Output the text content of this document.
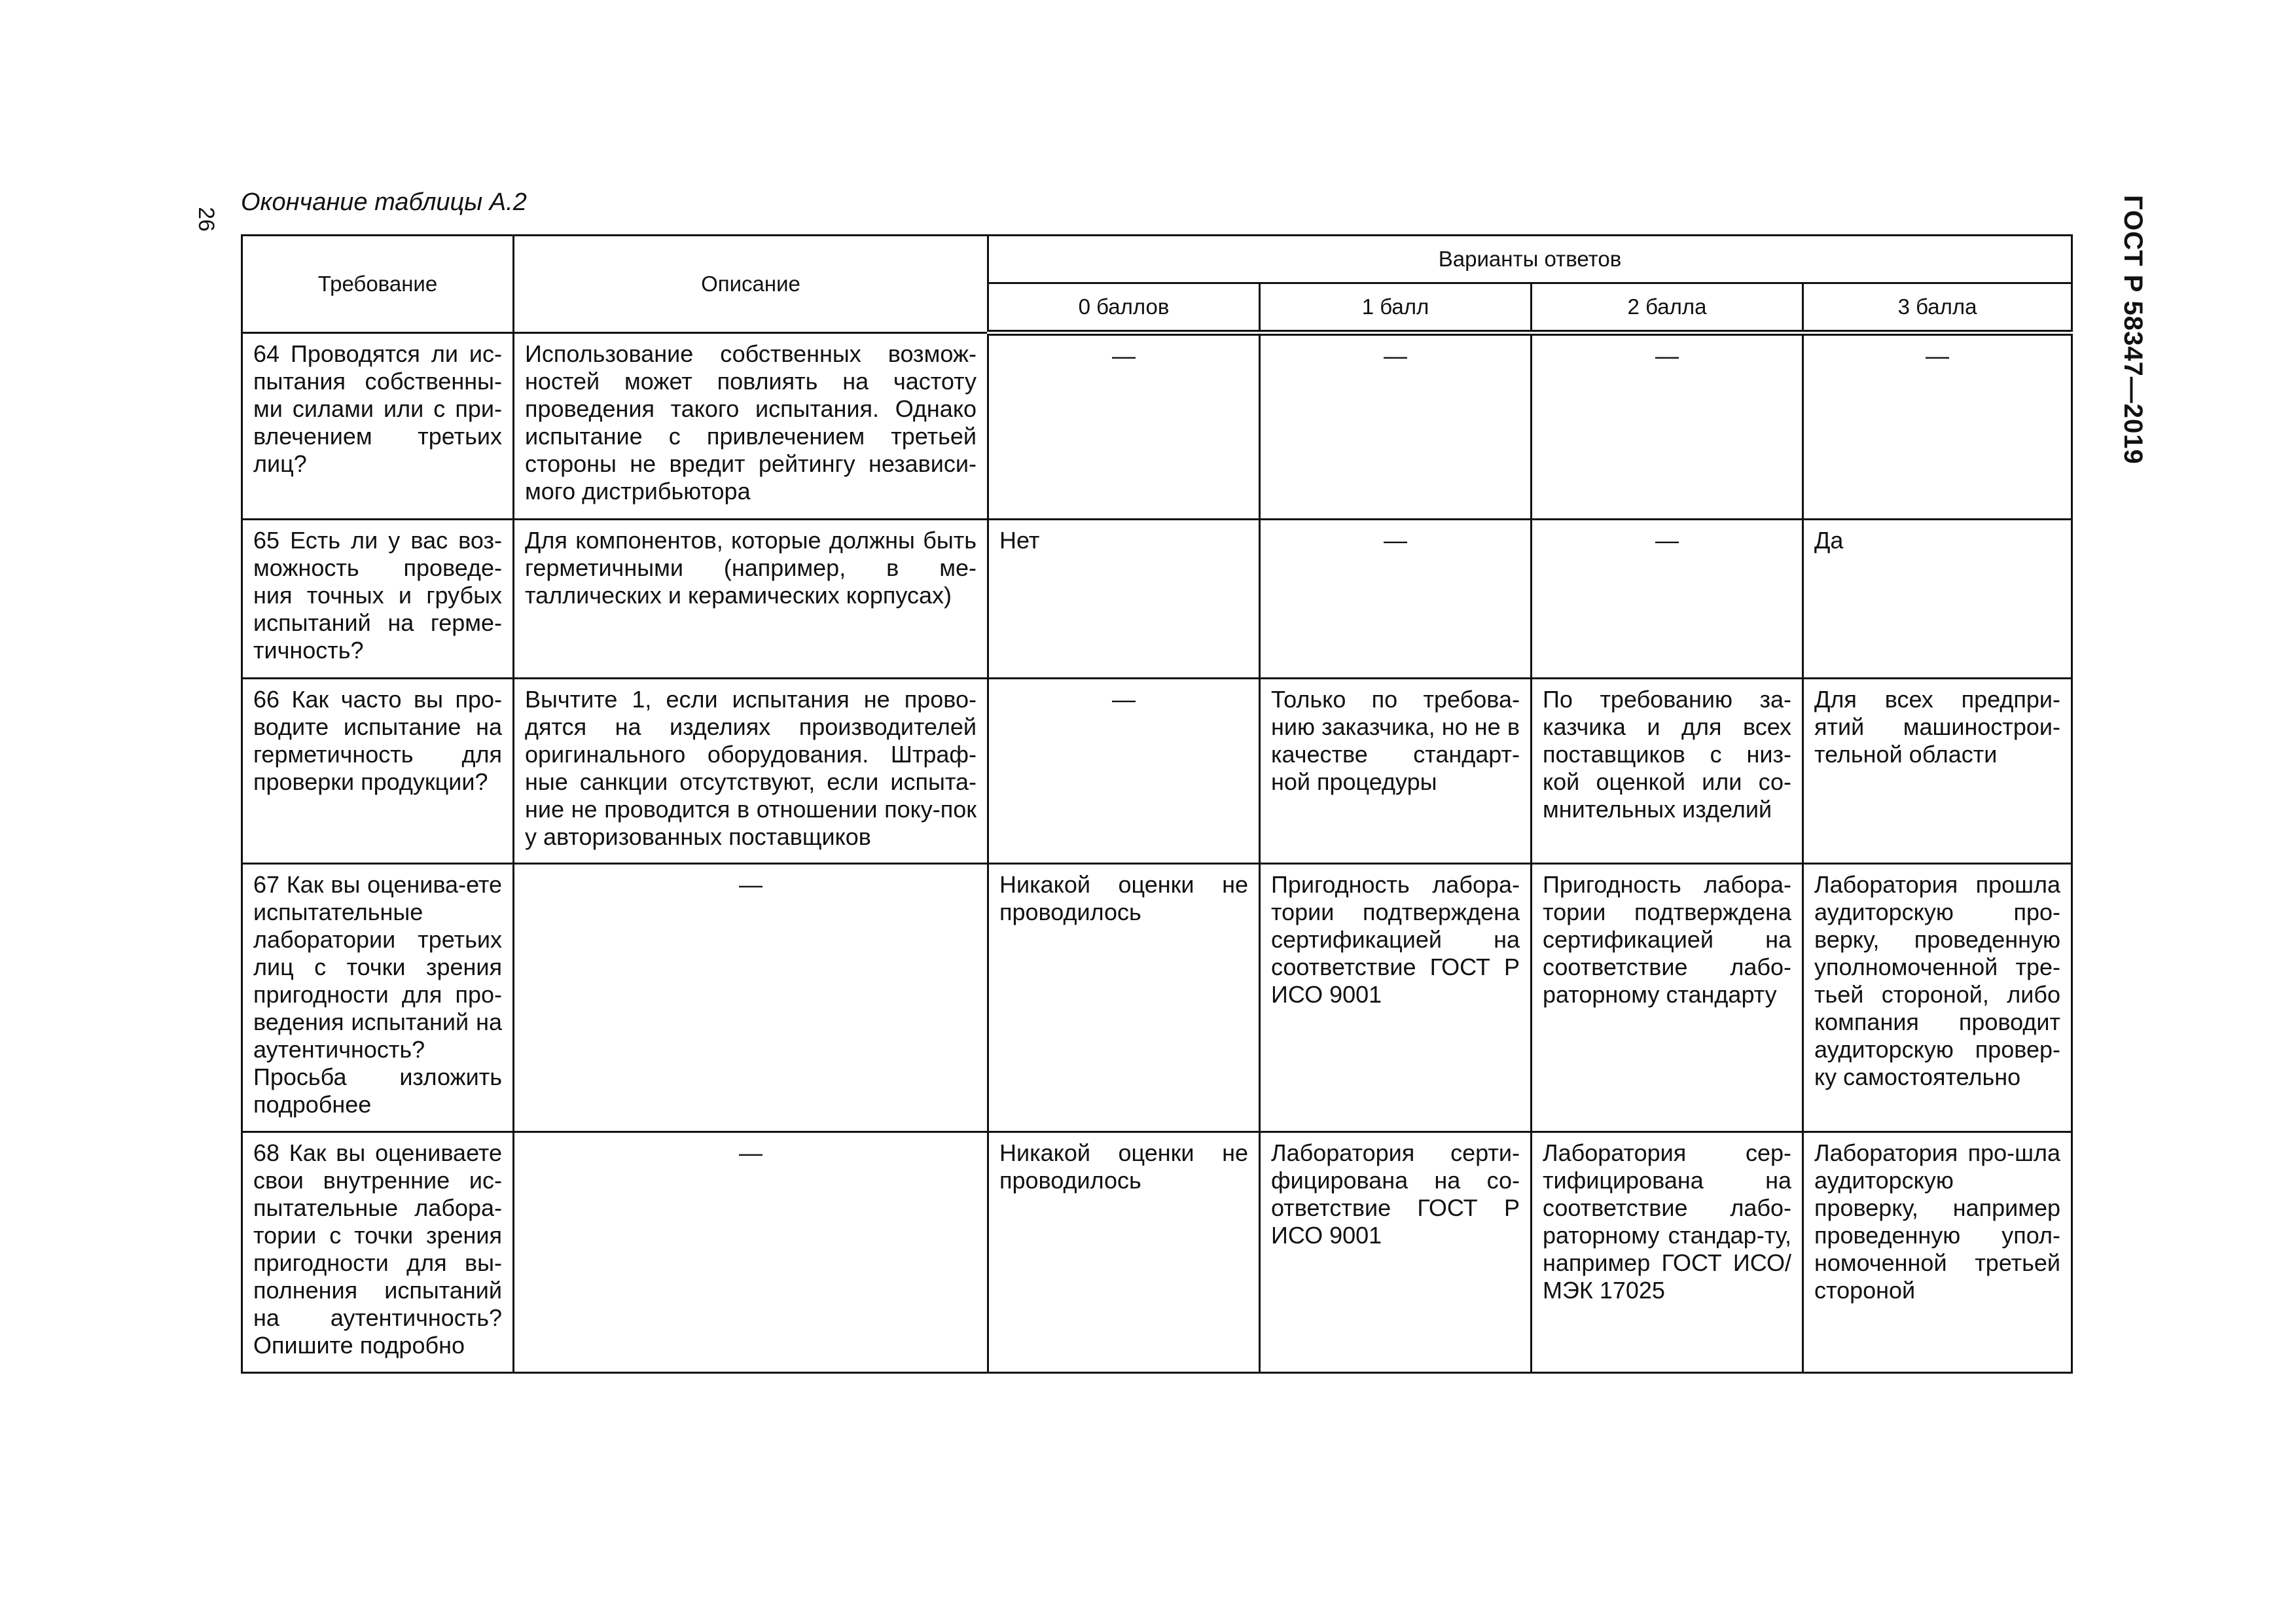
26	ГОСТ Р 58347—2019
Окончание таблицы А.2
Требование	Описание	Варианты ответов			
		0 баллов	1 балл	2 балла	3 балла
64 Проводятся ли ис-пытания собственны-ми силами или с при-влечением третьих лиц?	Использование собственных возмож-ностей может повлиять на частоту проведения такого испытания. Однако испытание с привлечением третьей стороны не вредит рейтингу независи-мого дистрибьютора	—	—	—	—
65 Есть ли у вас воз-можность проведе-ния точных и грубых испытаний на герме-тичность?	Для компонентов, которые должны быть герметичными (например, в ме-таллических и керамических корпусах)	Нет	—	—	Да
66 Как часто вы про-водите испытание на герметичность для проверки продукции?	Вычтите 1, если испытания не прово-дятся на изделиях производителей оригинального оборудования. Штраф-ные санкции отсутствуют, если испыта-ние не проводится в отношении поку-пок у авторизованных поставщиков	—	Только по требова-нию заказчика, но не в качестве стандарт-ной процедуры	По требованию за-казчика и для всех поставщиков с низ-кой оценкой или со-мнительных изделий	Для всех предпри-ятий машинострои-тельной области
67 Как вы оценива-ете испытательные лаборатории третьих лиц с точки зрения пригодности для про-ведения испытаний на аутентичность? Просьба изложить подробнее	—	Никакой оценки не проводилось	Пригодность лабора-тории подтверждена сертификацией на соответствие ГОСТ Р ИСО 9001	Пригодность лабора-тории подтверждена сертификацией на соответствие лабо-раторному стандарту	Лаборатория прошла аудиторскую про-верку, проведенную уполномоченной тре-тьей стороной, либо компания проводит аудиторскую провер-ку самостоятельно
68 Как вы оцениваете свои внутренние ис-пытательные лабора-тории с точки зрения пригодности для вы-полнения испытаний на аутентичность? Опишите подробно	—	Никакой оценки не проводилось	Лаборатория серти-фицирована на со-ответствие ГОСТ Р ИСО 9001	Лаборатория сер-тифицирована на соответствие лабо-раторному стандар-ту, например ГОСТ ИСО/МЭК 17025	Лаборатория про-шла аудиторскую проверку, например проведенную упол-номоченной третьей стороной
